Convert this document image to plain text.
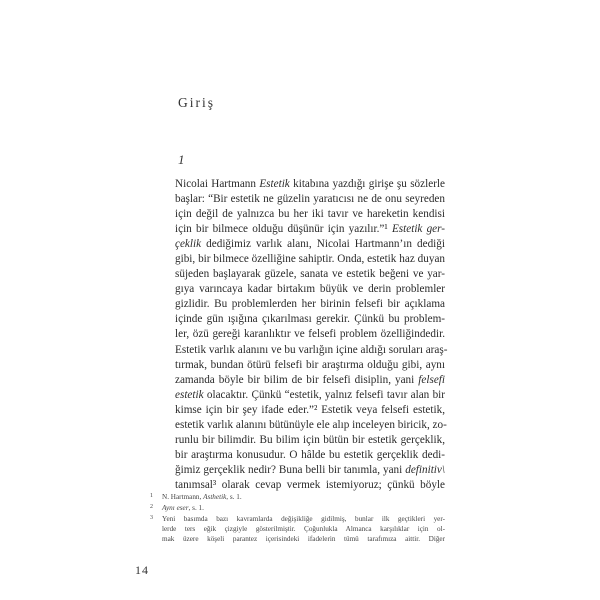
Giriş
1
Nicolai Hartmann Estetik kitabına yazdığı girişe şu sözlerle
başlar: “Bir estetik ne güzelin yaratıcısı ne de onu seyreden
için değil de yalnızca bu her iki tavır ve hareketin kendisi
için bir bilmece olduğu düşünür için yazılır.”¹ Estetik ger-
çeklik dediğimiz varlık alanı, Nicolai Hartmann’ın dediği
gibi, bir bilmece özelliğine sahiptir. Onda, estetik haz duyan
süjeden başlayarak güzele, sanata ve estetik beğeni ve yar-
gıya varıncaya kadar birtakım büyük ve derin problemler
gizlidir. Bu problemlerden her birinin felsefi bir açıklama
içinde gün ışığına çıkarılması gerekir. Çünkü bu problem-
ler, özü gereği karanlıktır ve felsefi problem özelliğindedir.
Estetik varlık alanını ve bu varlığın içine aldığı soruları araş-
tırmak, bundan ötürü felsefi bir araştırma olduğu gibi, aynı
zamanda böyle bir bilim de bir felsefi disiplin, yani felsefi
estetik olacaktır. Çünkü “estetik, yalnız felsefi tavır alan bir
kimse için bir şey ifade eder.”² Estetik veya felsefi estetik,
estetik varlık alanını bütünüyle ele alıp inceleyen biricik, zo-
runlu bir bilimdir. Bu bilim için bütün bir estetik gerçeklik,
bir araştırma konusudur. O hâlde bu estetik gerçeklik dedi-
ğimiz gerçeklik nedir? Buna belli bir tanımla, yani definitiv\
tanımsal³ olarak cevap vermek istemiyoruz; çünkü böyle
1 N. Hartmann, Asthetik, s. 1.
2 Aynı eser, s. 1.
3 Yeni basımda bazı kavramlarda değişikliğe gidilmiş, bunlar ilk geçtikleri yer-
lerde ters eğik çizgiyle gösterilmiştir. Çoğunlukla Almanca karşılıklar için ol-
mak üzere köşeli parantez içerisindeki ifadelerin tümü tarafımıza aittir. Diğer
14
